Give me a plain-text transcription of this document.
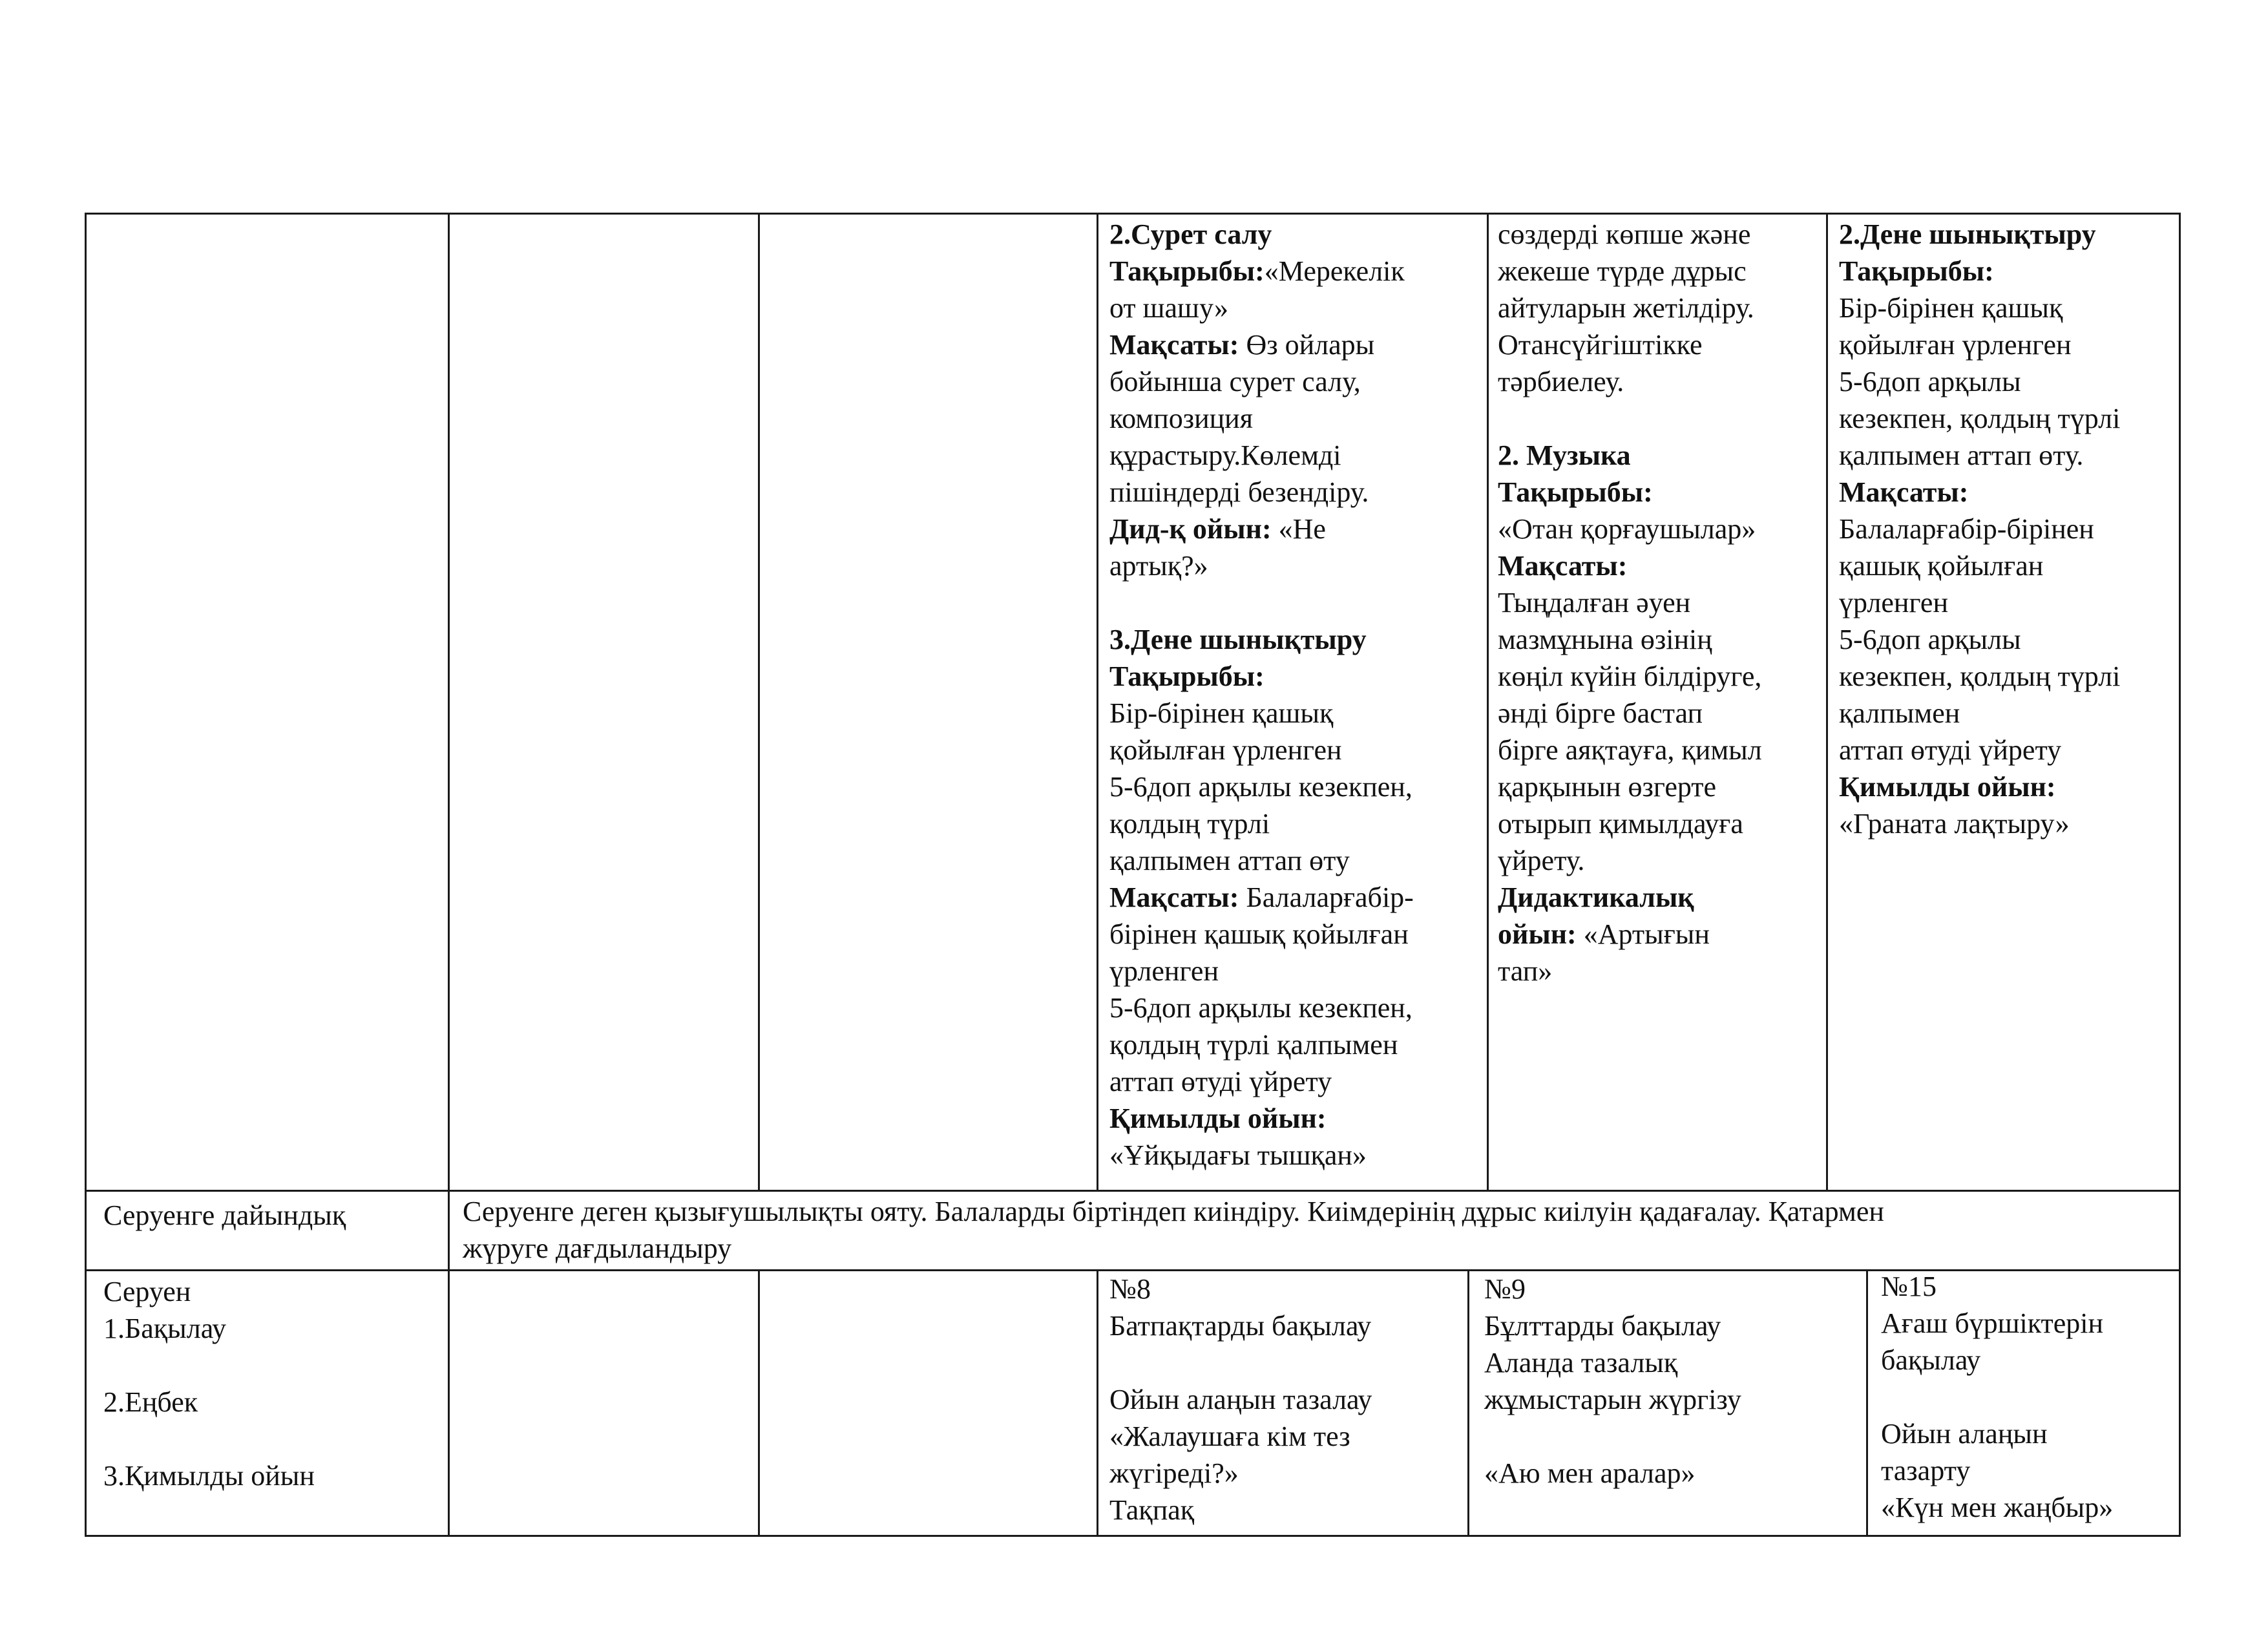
2.Сурет салу

Тақырыбы:«Мерекелік

от шашу»

Мақсаты: Өз ойлары

бойынша сурет салу,

композиция

құрастыру.Көлемді

пішіндерді безендіру.

Дид-қ ойын: «Не

артық?»

3.Дене шынықтыру

Тақырыбы:

Бір-бірінен қашық

қойылған үрленген

5-6доп арқылы кезекпен,

қолдың түрлі

қалпымен аттап өту

Мақсаты: Балаларғабір-

бірінен қашық қойылған

үрленген

5-6доп арқылы кезекпен,

қолдың түрлі қалпымен

аттап өтуді үйрету

Қимылды ойын:

«Ұйқыдағы тышқан»

сөздерді көпше және

жекеше түрде дұрыс

айтуларын жетілдіру.

Отансүйгіштікке

тәрбиелеу.

2. Музыка

Тақырыбы:

«Отан қорғаушылар»

Мақсаты:

Тыңдалған әуен

мазмұнына өзінің

көңіл күйін білдіруге,

әнді бірге бастап

бірге аяқтауға, қимыл

қарқынын өзгерте

отырып қимылдауға

үйрету.

Дидактикалық

ойын: «Артығын

тап»

2.Дене шынықтыру

Тақырыбы:

Бір-бірінен қашық

қойылған үрленген

5-6доп арқылы

кезекпен, қолдың түрлі

қалпымен аттап өту.

Мақсаты:

Балаларғабір-бірінен

қашық қойылған

үрленген

5-6доп арқылы

кезекпен, қолдың түрлі

қалпымен

аттап өтуді үйрету

Қимылды ойын:

«Граната лақтыру»

Серуенге дайындық	Серуенге деген қызығушылықты ояту. Балаларды біртіндеп киіндіру. Киімдерінің дұрыс киілуін қадағалау. Қатармен

жүруге дағдыландыру

Серуен

1.Бақылау

2.Еңбек

3.Қимылды ойын

№8

Батпақтарды бақылау

Ойын алаңын тазалау

«Жалаушаға кім тез

жүгіреді?»

Тақпақ

№9

Бұлттарды бақылау

Аланда тазалық

жұмыстарын жүргізу

«Аю мен аралар»

№15

Ағаш бүршіктерін

бақылау

Ойын алаңын

тазарту

«Күн мен жаңбыр»
